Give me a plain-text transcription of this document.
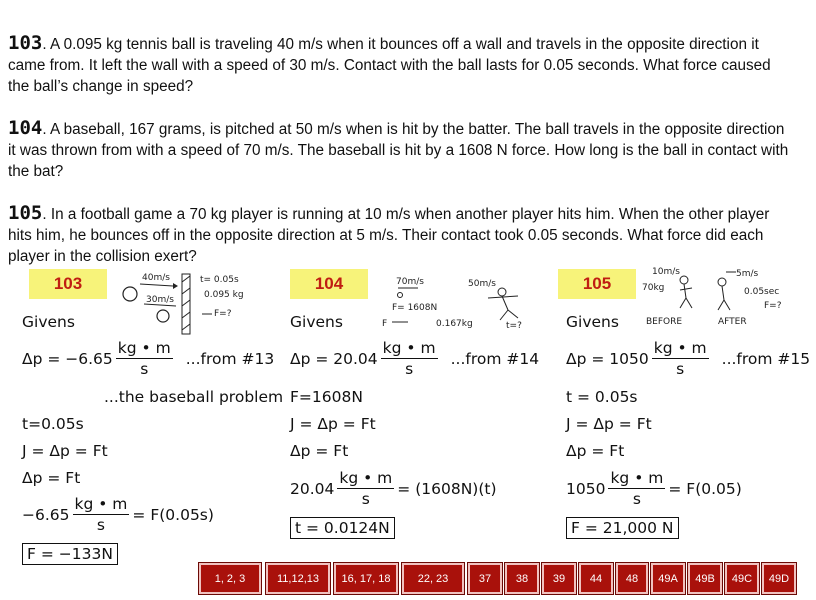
103. A 0.095 kg tennis ball is traveling 40 m/s when it bounces off a wall and travels in the opposite direction it came from. It left the wall with a speed of 30 m/s. Contact with the ball lasts for 0.05 seconds. What force caused the ball’s change in speed?
104. A baseball, 167 grams, is pitched at 50 m/s when is hit by the batter. The ball travels in the opposite direction it was thrown from with a speed of 70 m/s. The baseball is hit by a 1608 N force. How long is the ball in contact with the bat?
105. In a football game a 70 kg player is running at 10 m/s when another player hits him. When the other player hits him, he bounces off in the opposite direction at 5 m/s. Their contact took 0.05 seconds. What force did each player in the collision exert?
103	104	105
40m/s
30m/s
t= 0.05s
0.095 kg
F=?
70m/s
F= 1608N
F
50m/s
0.167kg	t=?
10m/s
70kg
BEFORE
5m/s
0.05sec
F=?
AFTER
Givens
$\Delta p = -6.65 \frac{kg • m}{s}$ ...from #13
...the baseball problem
t=0.05s
J = Δp = Ft
Δp = Ft
$-6.65 \frac{kg • m}{s} = F(0.05s)$
F = −133N
Givens
$\Delta p = 20.04 \frac{kg • m}{s}$ ...from #14
F=1608N
J = Δp = Ft
Δp = Ft
$20.04 \frac{kg • m}{s} = (1608N)(t)$
t = 0.0124N
Givens
$\Delta p = 1050 \frac{kg • m}{s}$ ...from #15
t = 0.05s
J = Δp = Ft
Δp = Ft
$1050 \frac{kg • m}{s} = F(0.05)$
F = 21,000 N
1, 2, 3	11,12,13	16, 17, 18	22, 23	37	38	39	44	48	49A	49B	49C	49D
